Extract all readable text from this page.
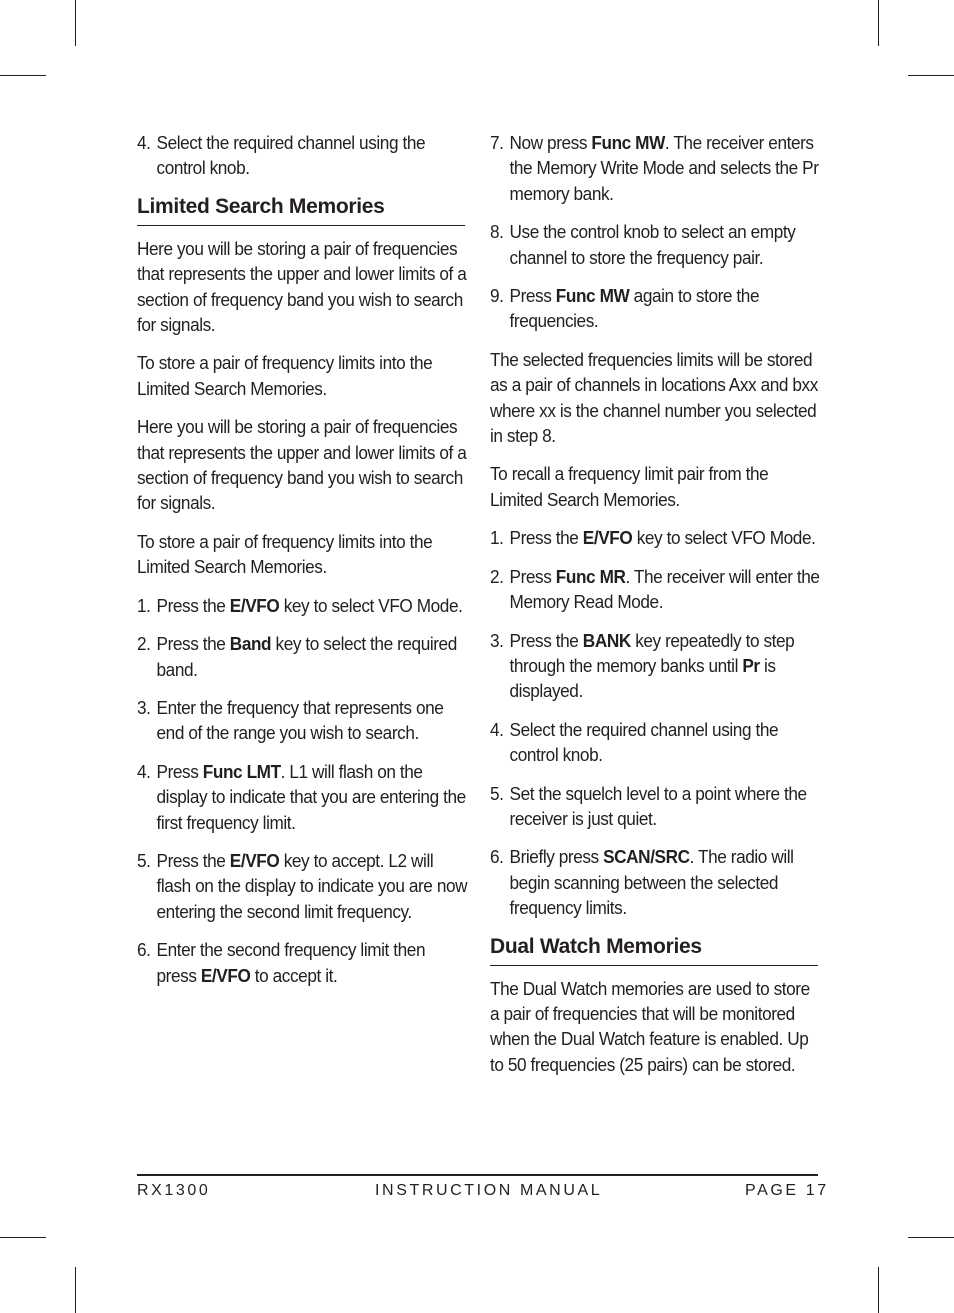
4. Select the required channel using the control knob.
Limited Search Memories

Here you will be storing a pair of frequencies that represents the upper and lower limits of a section of frequency band you wish to search for signals.

To store a pair of frequency limits into the Limited Search Memories.

Here you will be storing a pair of frequencies that represents the upper and lower limits of a section of frequency band you wish to search for signals.

To store a pair of frequency limits into the Limited Search Memories.

1. Press the E/VFO key to select VFO Mode.
2. Press the Band key to select the required band.
3. Enter the frequency that represents one end of the range you wish to search.
4. Press Func LMT. L1 will flash on the display to indicate that you are entering the first frequency limit.
5. Press the E/VFO key to accept. L2 will flash on the display to indicate you are now entering the second limit frequency.
6. Enter the second frequency limit then press E/VFO to accept it.
7. Now press Func MW. The receiver enters the Memory Write Mode and selects the Pr memory bank.
8. Use the control knob to select an empty channel to store the frequency pair.
9. Press Func MW again to store the frequencies.

The selected frequencies limits will be stored as a pair of channels in locations Axx and bxx where xx is the channel number you selected in step 8.

To recall a frequency limit pair from the Limited Search Memories.

1. Press the E/VFO key to select VFO Mode.
2. Press Func MR. The receiver will enter the Memory Read Mode.
3. Press the BANK key repeatedly to step through the memory banks until Pr is displayed.
4. Select the required channel using the control knob.
5. Set the squelch level to a point where the receiver is just quiet.
6. Briefly press SCAN/SRC. The radio will begin scanning between the selected frequency limits.
Dual Watch Memories

The Dual Watch memories are used to store a pair of frequencies that will be monitored when the Dual Watch feature is enabled. Up to 50 frequencies (25 pairs) can be stored.

RX1300	INSTRUCTION MANUAL	PAGE 17
